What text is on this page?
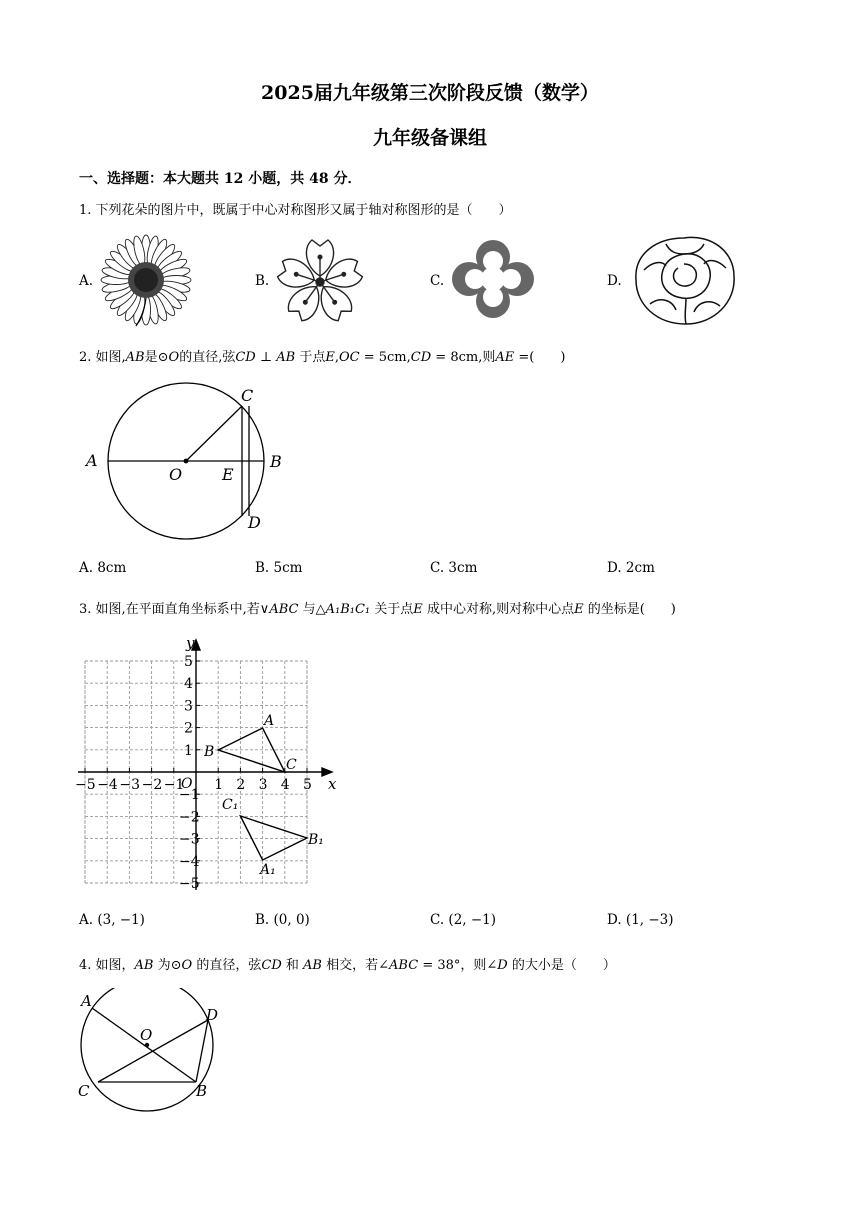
2025届九年级第三次阶段反馈（数学）
九年级备课组
一、选择题：本大题共 12 小题，共 48 分．
1. 下列花朵的图片中，既属于中心对称图形又属于轴对称图形的是（　　）
A.	B.	C.	D.
2. 如图,AB是⊙O的直径,弦CD ⊥ AB 于点E,OC = 5cm,CD = 8cm,则AE =(　　)
A	B
C
D
E
O
A. 8cm	B. 5cm	C. 3cm	D. 2cm
3. 如图,在平面直角坐标系中,若∨ABC 与△A₁B₁C₁ 关于点E 成中心对称,则对称中心点E 的坐标是(　　)
−5 −4 −3 −2 −1 1 2 3 4 5
5
4
3
2
1
−1
−2
−3
−4
−5
x
y
O
A
B
C
A₁
B₁
C₁
A. (3, −1)	B. (0, 0)	C. (2, −1)	D. (1, −3)
4. 如图，AB 为⊙O 的直径，弦CD 和 AB 相交，若∠ABC = 38°，则∠D 的大小是（　　）
A
B
C
D
O
